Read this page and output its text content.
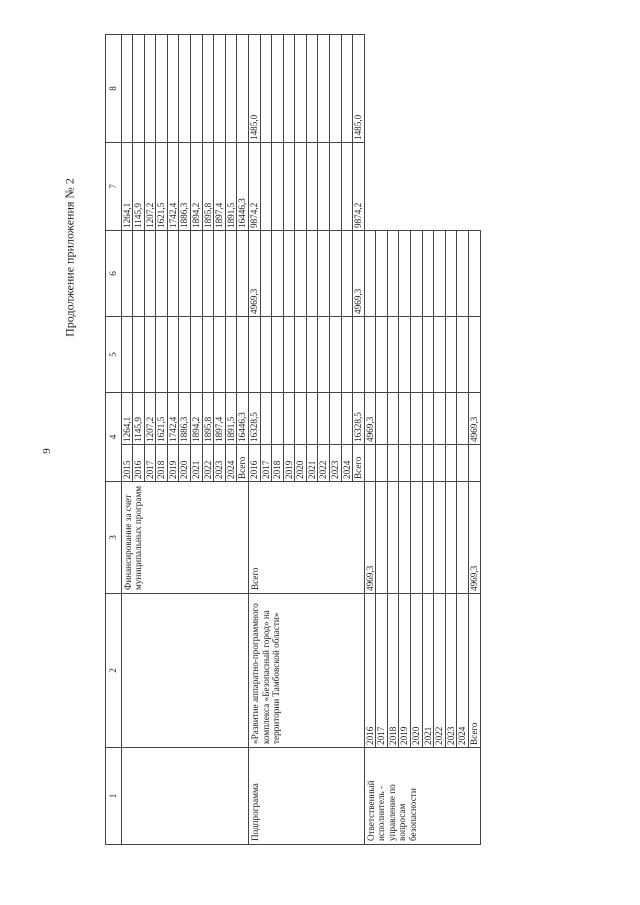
9
Продолжение приложения № 2
1	2	3	4		5	6	7	8
		Финансирование за счет муниципальных программ	2015	1264,1			1264,1	
			2016	1145,9			1145,9	
			2017	1207,2			1207,2	
			2018	1621,5			1621,5	
			2019	1742,4			1742,4	
			2020	1886,3			1886,3	
			2021	1894,2			1894,2	
			2022	1895,8			1895,8	
			2023	1897,4			1897,4	
			2024	1891,5			1891,5	
			Всего	16446,3			16446,3	
Подпрограмма	«Развитие аппаратно-программного комплекса «Безопасный город» на территории Тамбовской области»	Всего	2016	16328,5		4969,3	9874,2	1485,0
			2017					
			2018					
			2019					
			2020					
			2021					
			2022					
			2023					
			2024					
			Всего	16328,5		4969,3	9874,2	1485,0
Ответственный исполнитель - управление по вопросам безопасности	2016	4969,3		4969,3				
	2017							
	2018							
	2019							
	2020							
	2021							
	2022							
	2023							
	2024							
	Всего	4969,3		4969,3				
